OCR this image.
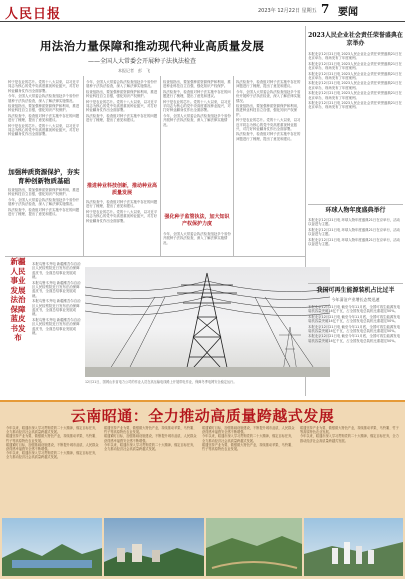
人民日报	2023年 12月22日 星期五 7 要闻
用法治力量保障和推动现代种业高质量发展
——全国人大常委会开展种子法执法检查
本报记者　彭　飞

种子是农业的芯片。党的十八大以来，以习近平同志为核心的党中央高度重视种业振兴，对打好种业翻身仗作出全面部署。

今年，全国人大常委会执法检查组赴多个省份开展种子法执法检查，深入了解法律实施情况。

检查组指出，要加强种质资源保护和利用，推进种业科技自立自强，强化知识产权保护。

执法检查中，检查组对种子法实施中存在的问题进行了梳理，提出了意见和建议。

种子是农业的芯片。党的十八大以来，以习近平同志为核心的党中央高度重视种业振兴，对打好种业翻身仗作出全面部署。

加强种质资源保护，夯实育种创新物质基础

检查组指出，要加强种质资源保护和利用，推进种业科技自立自强，强化知识产权保护。

今年，全国人大常委会执法检查组赴多个省份开展种子法执法检查，深入了解法律实施情况。

执法检查中，检查组对种子法实施中存在的问题进行了梳理，提出了意见和建议。

今年，全国人大常委会执法检查组赴多个省份开展种子法执法检查，深入了解法律实施情况。

检查组指出，要加强种质资源保护和利用，推进种业科技自立自强，强化知识产权保护。

种子是农业的芯片。党的十八大以来，以习近平同志为核心的党中央高度重视种业振兴，对打好种业翻身仗作出全面部署。

执法检查中，检查组对种子法实施中存在的问题进行了梳理，提出了意见和建议。

推进种业科技创新，推动种业高质量发展

执法检查中，检查组对种子法实施中存在的问题进行了梳理，提出了意见和建议。

种子是农业的芯片。党的十八大以来，以习近平同志为核心的党中央高度重视种业振兴，对打好种业翻身仗作出全面部署。

检查组指出，要加强种质资源保护和利用，推进种业科技自立自强，强化知识产权保护。

执法检查中，检查组对种子法实施中存在的问题进行了梳理，提出了意见和建议。

种子是农业的芯片。党的十八大以来，以习近平同志为核心的党中央高度重视种业振兴，对打好种业翻身仗作出全面部署。

今年，全国人大常委会执法检查组赴多个省份开展种子法执法检查，深入了解法律实施情况。

强化种子监管执法，加大知识产权保护力度

今年，全国人大常委会执法检查组赴多个省份开展种子法执法检查，深入了解法律实施情况。

执法检查中，检查组对种子法实施中存在的问题进行了梳理，提出了意见和建议。

今年，全国人大常委会执法检查组赴多个省份开展种子法执法检查，深入了解法律实施情况。

检查组指出，要加强种质资源保护和利用，推进种业科技自立自强，强化知识产权保护。

种子是农业的芯片。党的十八大以来，以习近平同志为核心的党中央高度重视种业振兴，对打好种业翻身仗作出全面部署。

执法检查中，检查组对种子法实施中存在的问题进行了梳理，提出了意见和建议。

新疆人民事业发展法治保障蓝皮书发布

本报乌鲁木齐电 新疆维吾尔自治区人民检察院近日发布法治保障蓝皮书，全面总结事业发展成就。

本报乌鲁木齐电 新疆维吾尔自治区人民检察院近日发布法治保障蓝皮书，全面总结事业发展成就。

本报乌鲁木齐电 新疆维吾尔自治区人民检察院近日发布法治保障蓝皮书，全面总结事业发展成就。

本报乌鲁木齐电 新疆维吾尔自治区人民检察院近日发布法治保障蓝皮书，全面总结事业发展成就。

12月21日，国网山东省电力公司的作业人员在高压输电线路上开展带电作业，保障冬季电网安全稳定运行。
2023人民企业社会责任荣誉盛典在京举办

本报北京12月21日电 2023人民企业社会责任荣誉盛典21日在北京举办，现场发布了年度案例。

本报北京12月21日电 2023人民企业社会责任荣誉盛典21日在北京举办，现场发布了年度案例。

本报北京12月21日电 2023人民企业社会责任荣誉盛典21日在北京举办，现场发布了年度案例。

本报北京12月21日电 2023人民企业社会责任荣誉盛典21日在北京举办，现场发布了年度案例。

本报北京12月21日电 2023人民企业社会责任荣誉盛典21日在北京举办，现场发布了年度案例。

本报北京12月21日电 2023人民企业社会责任荣誉盛典21日在北京举办，现场发布了年度案例。

环球人物年度盛典举行

本报北京12月21日电 环球人物年度盛典21日在京举行，活动以奋进为主题。

本报北京12月21日电 环球人物年度盛典21日在京举行，活动以奋进为主题。

本报北京12月21日电 环球人物年度盛典21日在京举行，活动以奋进为主题。

我国可再生能源装机占比过半
今年清洁产业增长态势迅速

本报北京12月21日电 截至今年11月底，全国可再生能源发电装机容量突破14亿千瓦，占全国发电总装机比重超过50%。

本报北京12月21日电 截至今年11月底，全国可再生能源发电装机容量突破14亿千瓦，占全国发电总装机比重超过50%。

本报北京12月21日电 截至今年11月底，全国可再生能源发电装机容量突破14亿千瓦，占全国发电总装机比重超过50%。

本报北京12月21日电 截至今年11月底，全国可再生能源发电装机容量突破14亿千瓦，占全国发电总装机比重超过50%。

云南昭通：全力推动高质量跨越式发展

今年以来，昭通市深入学习贯彻党的二十大精神，锚定目标任务，全力推动经济社会高质量跨越式发展。

昭通坚持产业为要，做强做大特色产业，持续推动苹果、马铃薯、竹子等高原特色农业发展。

昭通紧盯目标，加强基础设施建设，不断提升城市品质，人民群众获得感幸福感安全感不断增强。

今年以来，昭通市深入学习贯彻党的二十大精神，锚定目标任务，全力推动经济社会高质量跨越式发展。

昭通坚持产业为要，做强做大特色产业，持续推动苹果、马铃薯、竹子等高原特色农业发展。

昭通紧盯目标，加强基础设施建设，不断提升城市品质，人民群众获得感幸福感安全感不断增强。

今年以来，昭通市深入学习贯彻党的二十大精神，锚定目标任务，全力推动经济社会高质量跨越式发展。

昭通紧盯目标，加强基础设施建设，不断提升城市品质，人民群众获得感幸福感安全感不断增强。

今年以来，昭通市深入学习贯彻党的二十大精神，锚定目标任务，全力推动经济社会高质量跨越式发展。

昭通坚持产业为要，做强做大特色产业，持续推动苹果、马铃薯、竹子等高原特色农业发展。

昭通坚持产业为要，做强做大特色产业，持续推动苹果、马铃薯、竹子等高原特色农业发展。

今年以来，昭通市深入学习贯彻党的二十大精神，锚定目标任务，全力推动经济社会高质量跨越式发展。
